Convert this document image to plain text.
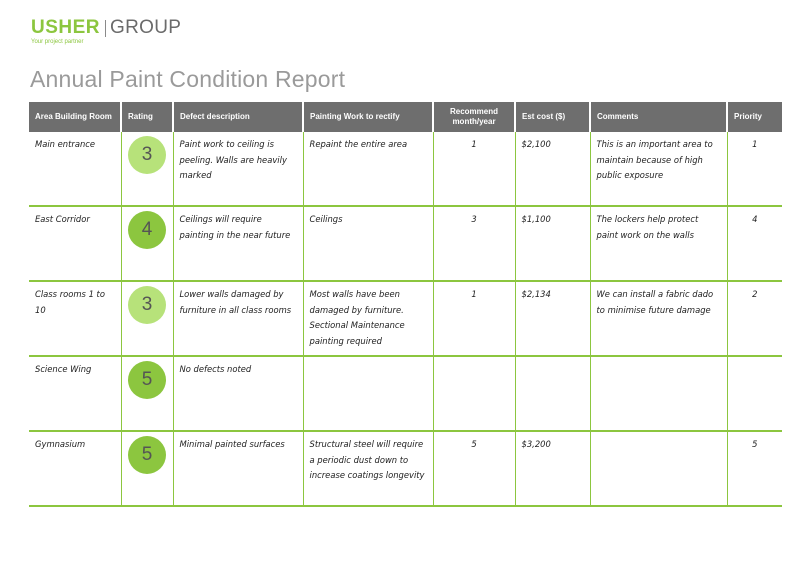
USHER GROUP
Your project partner
Annual Paint Condition Report
Area Building Room	Rating	Defect description	Painting Work to rectify	Recommend month/year	Est cost ($)	Comments	Priority
Main entrance	3	Paint work to ceiling is peeling. Walls are heavily marked	Repaint the entire area	1	$2,100	This is an important area to maintain because of high public exposure	1
East Corridor	4	Ceilings will require painting in the near future	Ceilings	3	$1,100	The lockers help protect paint work on the walls	4
Class rooms 1 to 10	3	Lower walls damaged by furniture in all class rooms	Most walls have been damaged by furniture. Sectional Maintenance painting required	1	$2,134	We can install a fabric dado to minimise future damage	2
Science Wing	5	No defects noted					
Gymnasium	5	Minimal painted surfaces	Structural steel will require a periodic dust down to increase coatings longevity	5	$3,200		5
